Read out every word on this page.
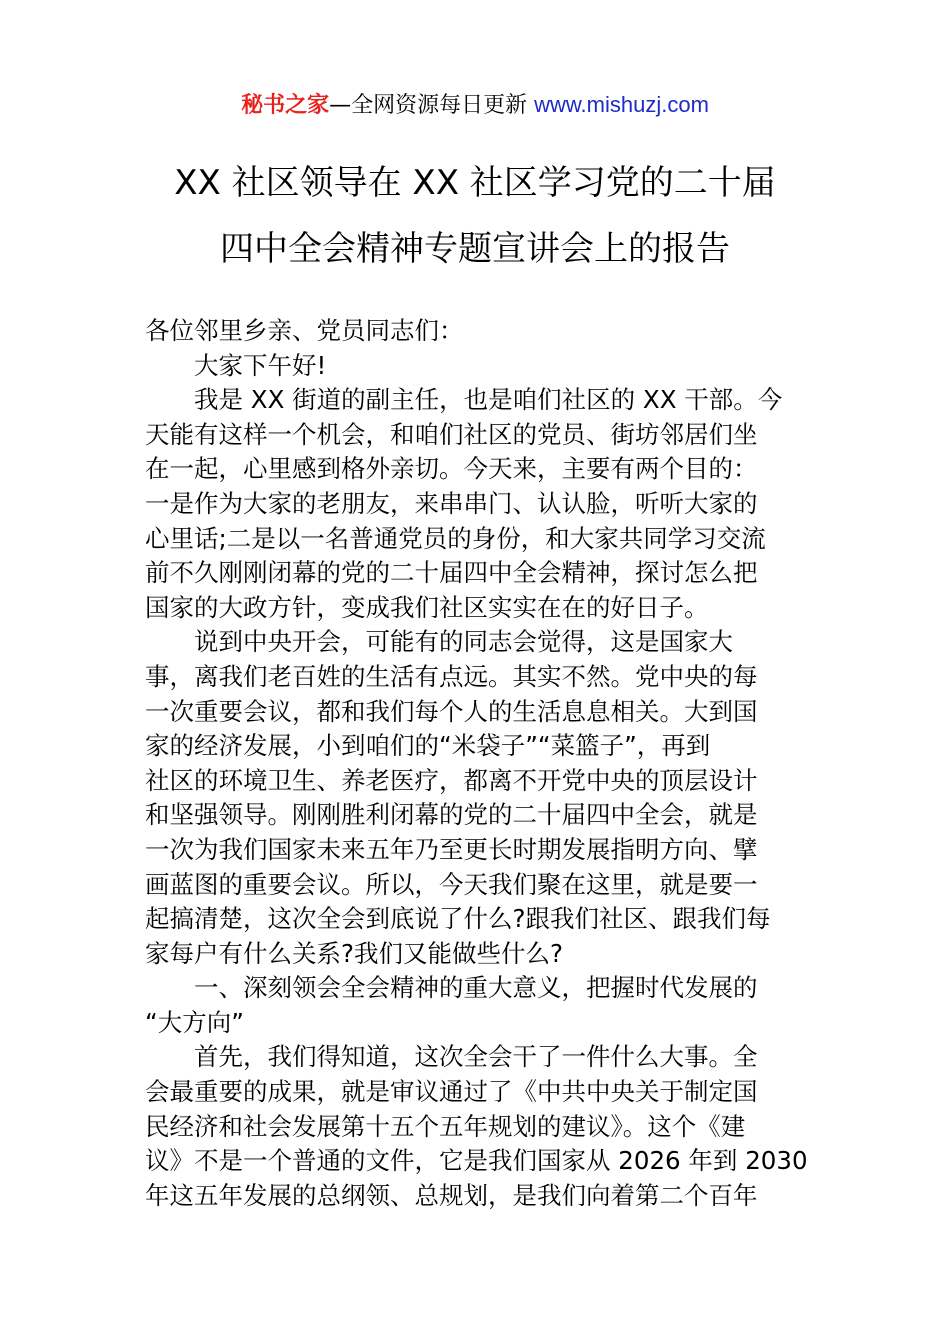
秘书之家—全网资源每日更新 www.mishuzj.com
XX 社区领导在 XX 社区学习党的二十届
四中全会精神专题宣讲会上的报告

各位邻里乡亲、党员同志们：

大家下午好!

我是 XX 街道的副主任，也是咱们社区的 XX 干部。今

天能有这样一个机会，和咱们社区的党员、街坊邻居们坐

在一起，心里感到格外亲切。今天来，主要有两个目的：

一是作为大家的老朋友，来串串门、认认脸，听听大家的

心里话;二是以一名普通党员的身份，和大家共同学习交流

前不久刚刚闭幕的党的二十届四中全会精神，探讨怎么把

国家的大政方针，变成我们社区实实在在的好日子。

说到中央开会，可能有的同志会觉得，这是国家大

事，离我们老百姓的生活有点远。其实不然。党中央的每

一次重要会议，都和我们每个人的生活息息相关。大到国

家的经济发展，小到咱们的“米袋子”“菜篮子”，再到

社区的环境卫生、养老医疗，都离不开党中央的顶层设计

和坚强领导。刚刚胜利闭幕的党的二十届四中全会，就是

一次为我们国家未来五年乃至更长时期发展指明方向、擘

画蓝图的重要会议。所以，今天我们聚在这里，就是要一

起搞清楚，这次全会到底说了什么?跟我们社区、跟我们每

家每户有什么关系?我们又能做些什么?

一、深刻领会全会精神的重大意义，把握时代发展的

“大方向”

首先，我们得知道，这次全会干了一件什么大事。全

会最重要的成果，就是审议通过了《中共中央关于制定国

民经济和社会发展第十五个五年规划的建议》。这个《建

议》不是一个普通的文件，它是我们国家从 2026 年到 2030

年这五年发展的总纲领、总规划，是我们向着第二个百年
